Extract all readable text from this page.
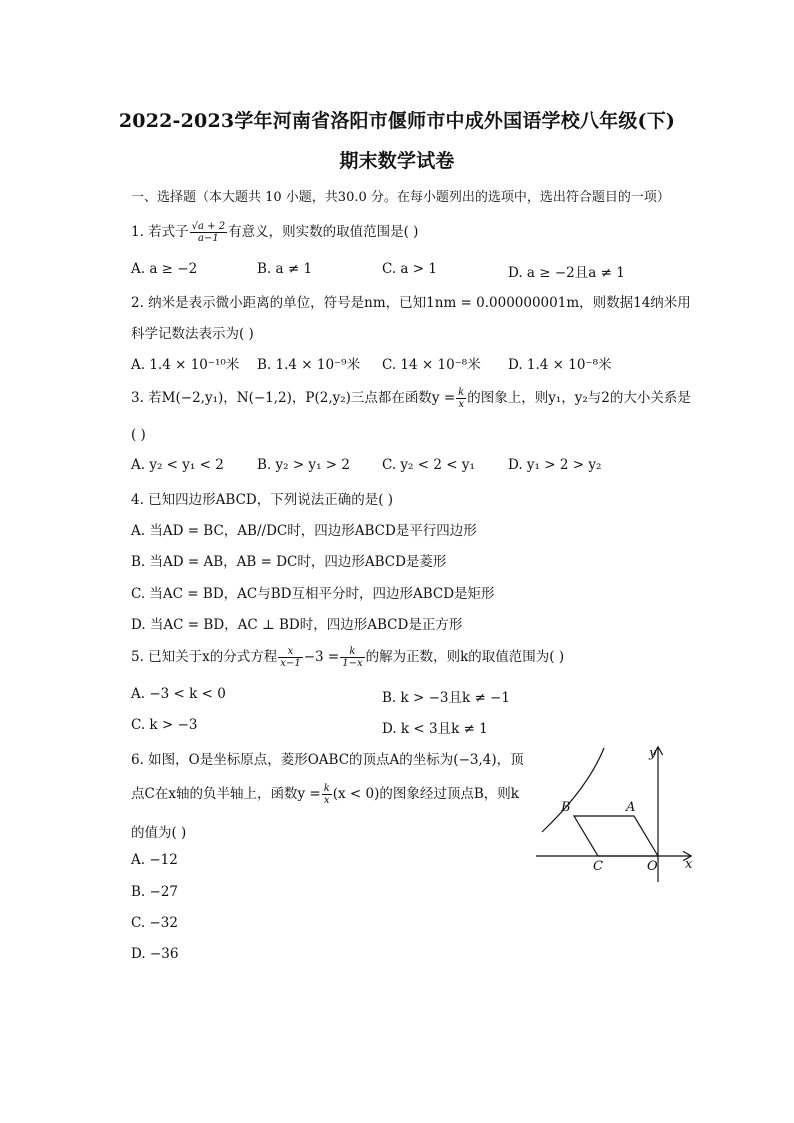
2022-2023学年河南省洛阳市偃师市中成外国语学校八年级(下)
期末数学试卷
一、选择题（本大题共 10 小题，共30.0 分。在每小题列出的选项中，选出符合题目的一项）
1. 若式子 $\frac{√a + 2}{a-1}$ 有意义，则实数的取值范围是( )
A. a ≥ −2	B. a ≠ 1	C. a > 1	D. a ≥ −2且a ≠ 1
2. 纳米是表示微小距离的单位，符号是nm，已知1nm = 0.000000001m，则数据14纳米用
科学记数法表示为( )
A. 1.4 × 10⁻¹⁰米 B. 1.4 × 10⁻⁹米 C. 14 × 10⁻⁸米 D. 1.4 × 10⁻⁸米
3. 若M(−2,y₁)，N(−1,2)，P(2,y₂)三点都在函数$y = \frac{k}{x}$ 的图象上，则y₁，y₂与2的大小关系是
( )
A. y₂ < y₁ < 2 B. y₂ > y₁ > 2 C. y₂ < 2 < y₁ D. y₁ > 2 > y₂
4. 已知四边形ABCD，下列说法正确的是( )
A. 当AD = BC，AB//DC时，四边形ABCD是平行四边形
B. 当AD = AB，AB = DC时，四边形ABCD是菱形
C. 当AC = BD，AC与BD互相平分时，四边形ABCD是矩形
D. 当AC = BD，AC ⊥ BD时，四边形ABCD是正方形
5. 已知关于x的分式方程 $\frac{x}{x-1} -3 = \frac{k}{1-x}$ 的解为正数，则k的取值范围为( )
A. −3 < k < 0	B. k > −3且k ≠ −1
C. k > −3	D. k < 3且k ≠ 1
6. 如图，O是坐标原点，菱形OABC的顶点A的坐标为(−3,4)，顶
点C在x轴的负半轴上，函数$y = \frac{k}{x} (x < 0)$的图象经过顶点B，则k
的值为( )
A. −12
B. −27
C. −32
D. −36
y
x
B	A
C	O
